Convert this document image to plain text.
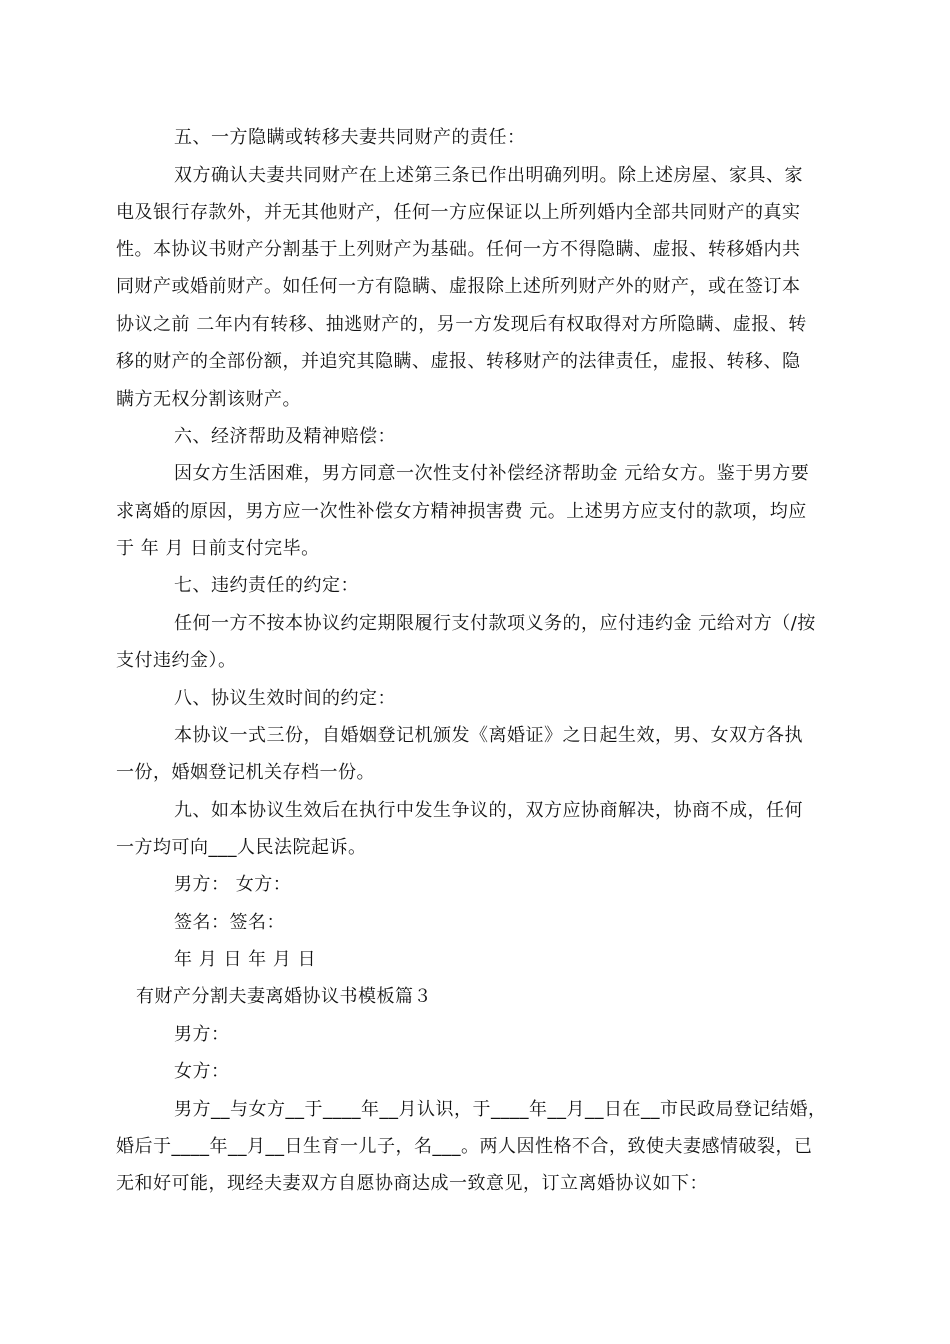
五、一方隐瞒或转移夫妻共同财产的责任：
双方确认夫妻共同财产在上述第三条已作出明确列明。除上述房屋、家具、家
电及银行存款外，并无其他财产，任何一方应保证以上所列婚内全部共同财产的真实
性。本协议书财产分割基于上列财产为基础。任何一方不得隐瞒、虚报、转移婚内共
同财产或婚前财产。如任何一方有隐瞒、虚报除上述所列财产外的财产，或在签订本
协议之前 二年内有转移、抽逃财产的，另一方发现后有权取得对方所隐瞒、虚报、转
移的财产的全部份额，并追究其隐瞒、虚报、转移财产的法律责任，虚报、转移、隐
瞒方无权分割该财产。
六、经济帮助及精神赔偿：
因女方生活困难，男方同意一次性支付补偿经济帮助金 元给女方。鉴于男方要
求离婚的原因，男方应一次性补偿女方精神损害费 元。上述男方应支付的款项，均应
于 年 月 日前支付完毕。
七、违约责任的约定：
任何一方不按本协议约定期限履行支付款项义务的，应付违约金 元给对方（/按
支付违约金）。
八、协议生效时间的约定：
本协议一式三份，自婚姻登记机颁发《离婚证》之日起生效，男、女双方各执
一份，婚姻登记机关存档一份。
九、如本协议生效后在执行中发生争议的，双方应协商解决，协商不成，任何
一方均可向___人民法院起诉。
男方： 女方：
签名：签名：
年 月 日 年 月 日
有财产分割夫妻离婚协议书模板篇３
男方：
女方：
男方__与女方__于____年__月认识，于____年__月__日在__市民政局登记结婚，
婚后于____年__月__日生育一儿子，名___。两人因性格不合，致使夫妻感情破裂，已
无和好可能，现经夫妻双方自愿协商达成一致意见，订立离婚协议如下：
